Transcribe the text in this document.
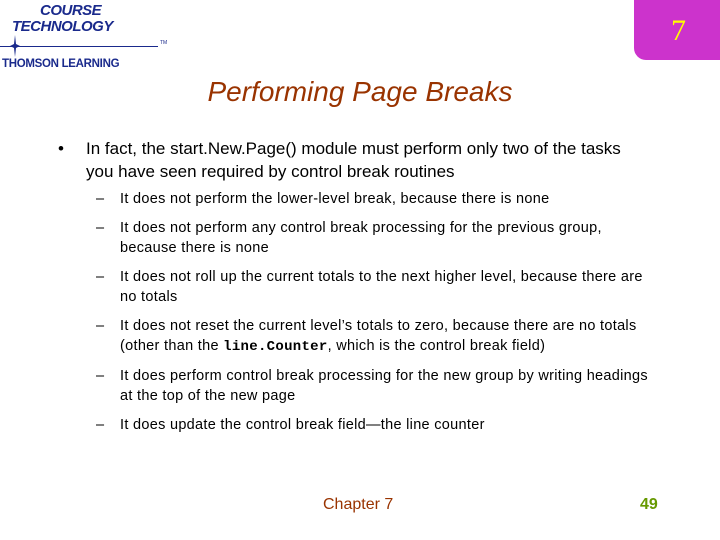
COURSE
TECHNOLOGY
TM
THOMSON LEARNING
7
Performing Page Breaks
•	In fact, the start.New.Page() module must perform only two of the tasks you have seen required by control break routines
–	It does not perform the lower-level break, because there is none
–	It does not perform any control break processing for the previous group, because there is none
–	It does not roll up the current totals to the next higher level, because there are no totals
–	It does not reset the current level’s totals to zero, because there are no totals (other than the line.Counter, which is the control break field)
–	It does perform control break processing for the new group by writing headings at the top of the new page
–	It does update the control break field—the line counter
Chapter 7	49
